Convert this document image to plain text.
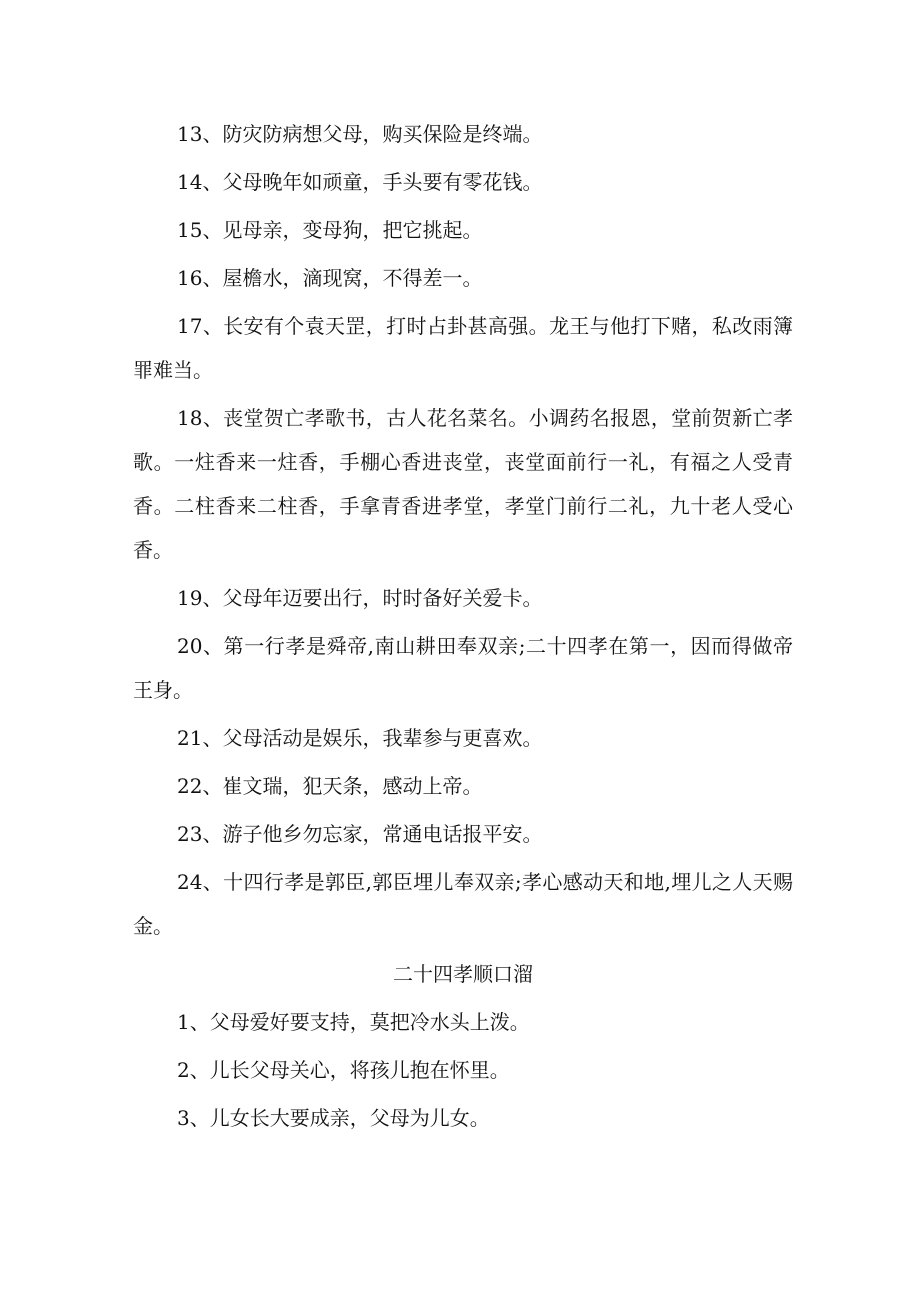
13、防灾防病想父母，购买保险是终端。

14、父母晚年如顽童，手头要有零花钱。

15、见母亲，变母狗，把它挑起。

16、屋檐水，滴现窝，不得差一。

17、长安有个袁天罡，打时占卦甚高强。龙王与他打下赌，私改雨簿罪难当。

18、丧堂贺亡孝歌书，古人花名菜名。小调药名报恩，堂前贺新亡孝歌。一炷香来一炷香，手棚心香进丧堂，丧堂面前行一礼，有福之人受青香。二柱香来二柱香，手拿青香进孝堂，孝堂门前行二礼，九十老人受心香。

19、父母年迈要出行，时时备好关爱卡。

20、第一行孝是舜帝,南山耕田奉双亲;二十四孝在第一，因而得做帝王身。

21、父母活动是娱乐，我辈参与更喜欢。

22、崔文瑞，犯天条，感动上帝。

23、游子他乡勿忘家，常通电话报平安。

24、十四行孝是郭臣,郭臣埋儿奉双亲;孝心感动天和地,埋儿之人天赐金。

二十四孝顺口溜

1、父母爱好要支持，莫把冷水头上泼。

2、儿长父母关心，将孩儿抱在怀里。

3、儿女长大要成亲，父母为儿女。
